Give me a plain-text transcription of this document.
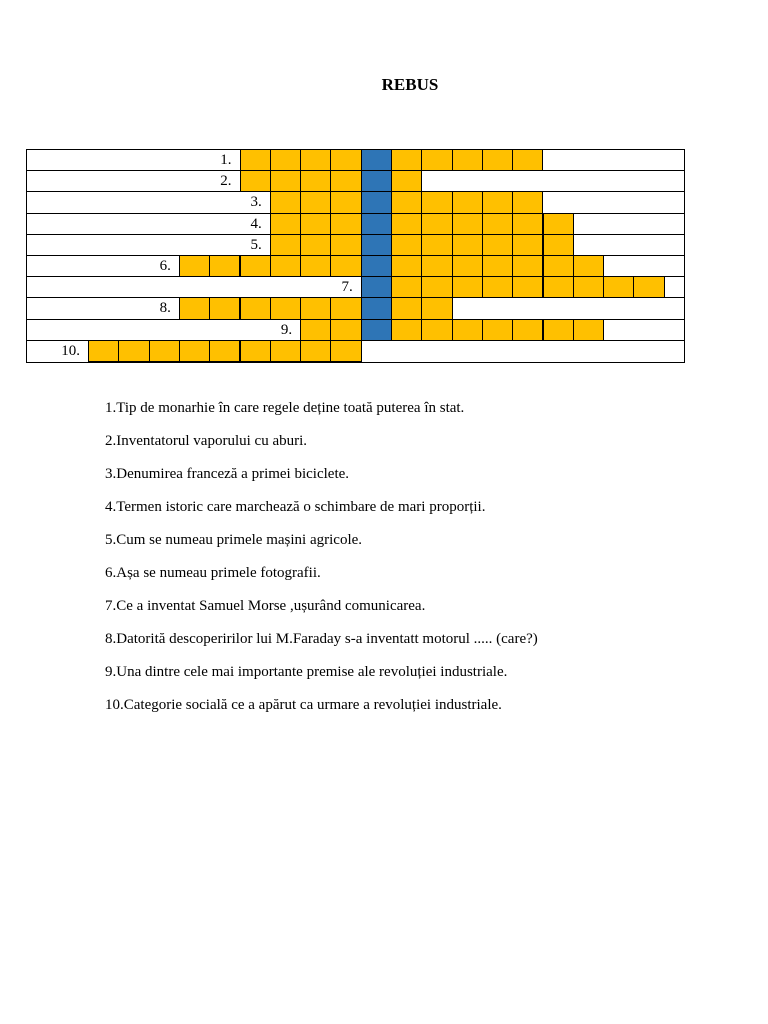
REBUS
1.
2.
3.
4.
5.
6.
7.
8.
9.
10.
1.Tip de monarhie în care regele deține toată puterea în stat.
2.Inventatorul vaporului cu aburi.
3.Denumirea franceză a primei biciclete.
4.Termen istoric care marchează o schimbare de mari proporții.
5.Cum se numeau primele mașini agricole.
6.Așa se numeau primele fotografii.
7.Ce a inventat Samuel Morse ,ușurând comunicarea.
8.Datorită descoperirilor lui M.Faraday s-a inventatt motorul ..... (care?)
9.Una dintre cele mai importante premise ale revoluției industriale.
10.Categorie socială ce a apărut ca urmare a revoluției industriale.
